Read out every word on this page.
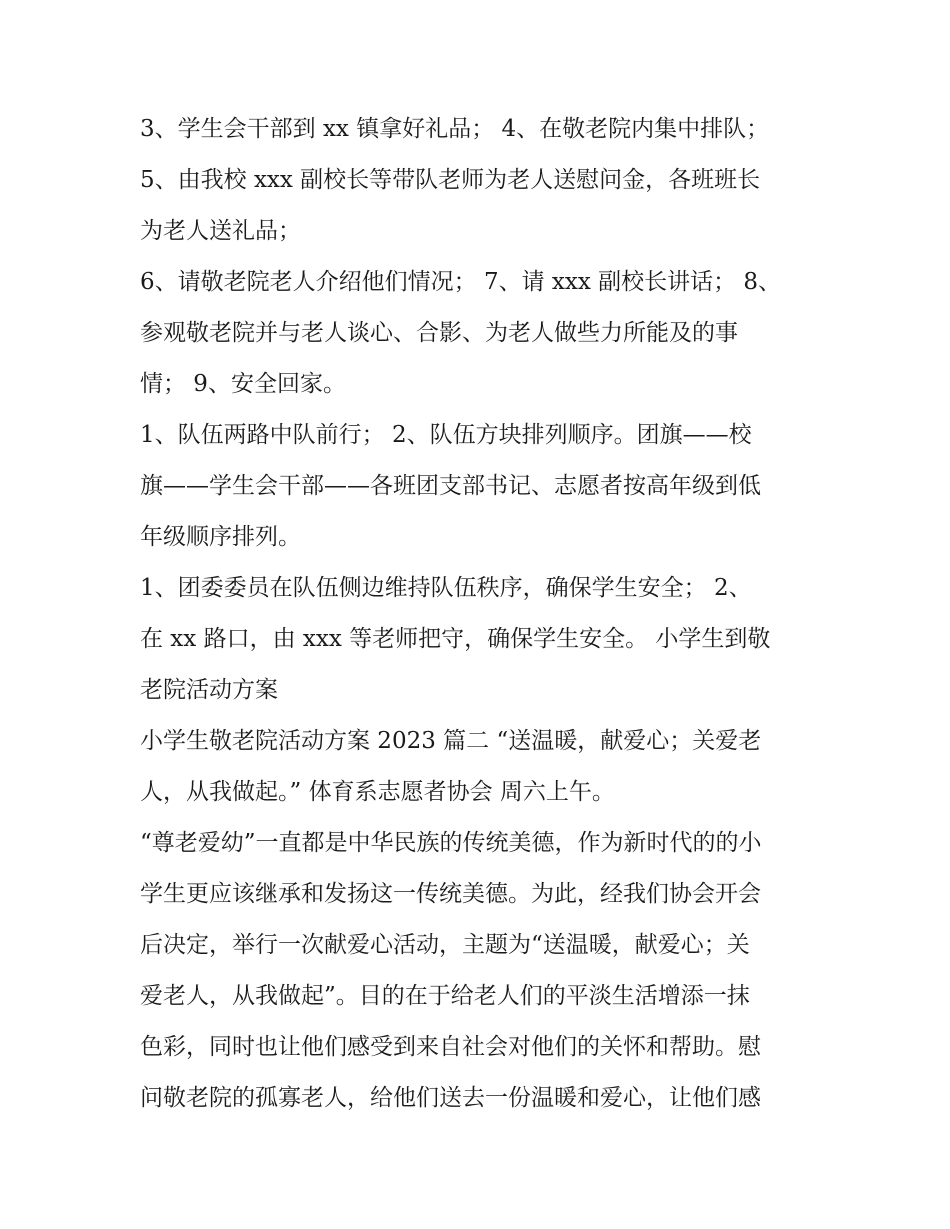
3、学生会干部到 xx 镇拿好礼品； 4、在敬老院内集中排队；
5、由我校 xxx 副校长等带队老师为老人送慰问金，各班班长
为老人送礼品；
6、请敬老院老人介绍他们情况； 7、请 xxx 副校长讲话； 8、
参观敬老院并与老人谈心、合影、为老人做些力所能及的事
情； 9、安全回家。
1、队伍两路中队前行； 2、队伍方块排列顺序。团旗——校
旗——学生会干部——各班团支部书记、志愿者按高年级到低
年级顺序排列。
1、团委委员在队伍侧边维持队伍秩序，确保学生安全； 2、
在 xx 路口，由 xxx 等老师把守，确保学生安全。 小学生到敬
老院活动方案
小学生敬老院活动方案 2023 篇二 “送温暖，献爱心；关爱老
人，从我做起。” 体育系志愿者协会 周六上午。
“尊老爱幼”一直都是中华民族的传统美德，作为新时代的的小
学生更应该继承和发扬这一传统美德。为此，经我们协会开会
后决定，举行一次献爱心活动，主题为“送温暖，献爱心；关
爱老人，从我做起”。目的在于给老人们的平淡生活增添一抹
色彩，同时也让他们感受到来自社会对他们的关怀和帮助。慰
问敬老院的孤寡老人，给他们送去一份温暖和爱心，让他们感
